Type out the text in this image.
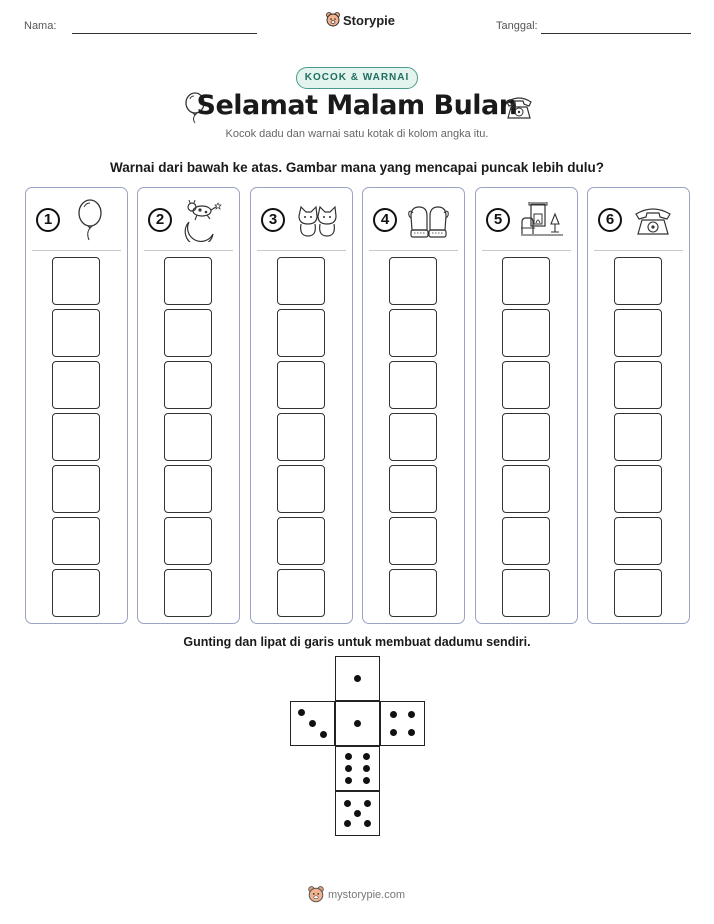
Nama:	Storypie	Tanggal:
KOCOK & WARNAI
Selamat Malam Bulan
Kocok dadu dan warnai satu kotak di kolom angka itu.
Warnai dari bawah ke atas. Gambar mana yang mencapai puncak lebih dulu?
1	2	3	4	5	6
Gunting dan lipat di garis untuk membuat dadumu sendiri.
mystorypie.com
